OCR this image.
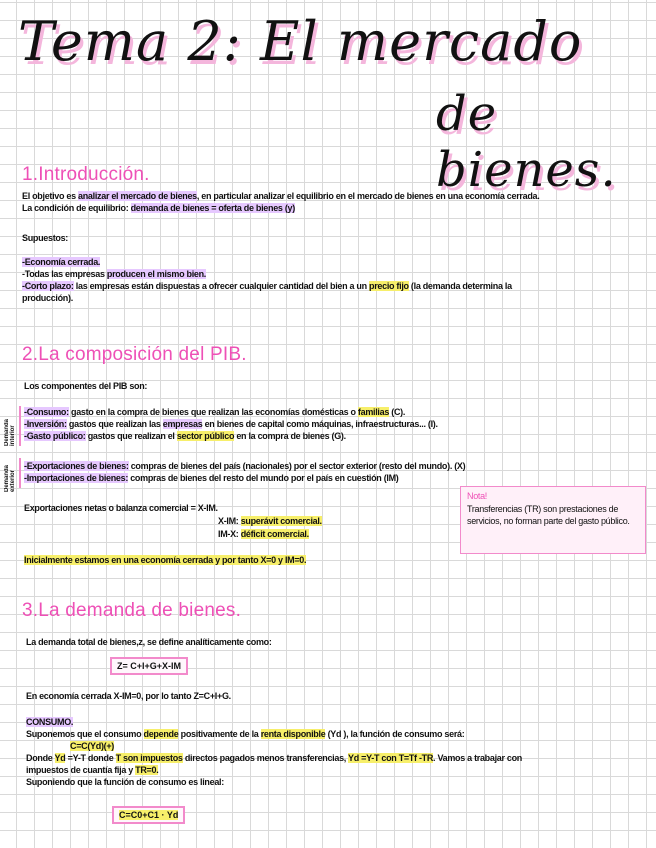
Tema 2: El mercado
de bienes.
1.Introducción.
El objetivo es analizar el mercado de bienes, en particular analizar el equilibrio en el mercado de bienes en una economía cerrada.
La condición de equilibrio: demanda de bienes = oferta de bienes (y)
Supuestos:
-Economía cerrada.
-Todas las empresas producen el mismo bien.
-Corto plazo: las empresas están dispuestas a ofrecer cualquier cantidad del bien a un precio fijo (la demanda determina la
producción).
2.La composición del PIB.
Los componentes del PIB son:
Demanda interior
-Consumo: gasto en la compra de bienes que realizan las economías domésticas o familias (C).
-Inversión: gastos que realizan las empresas en bienes de capital como máquinas, infraestructuras... (I).
-Gasto público: gastos que realizan el sector público en la compra de bienes (G).
Demanda exterior
-Exportaciones de bienes: compras de bienes del país (nacionales) por el sector exterior (resto del mundo). (X)
-Importaciones de bienes: compras de bienes del resto del mundo por el país en cuestión (IM)
Exportaciones netas o balanza comercial = X-IM.
X-IM: superávit comercial.
IM-X: déficit comercial.
Inicialmente estamos en una economía cerrada y por tanto X=0 y IM=0.
Nota!
Transferencias (TR) son prestaciones de servicios, no forman parte del gasto público.
3.La demanda de bienes.
La demanda total de bienes,z, se define analíticamente como:
Z= C+I+G+X-IM
En economía cerrada X-IM=0, por lo tanto Z=C+I+G.
CONSUMO.
Suponemos que el consumo depende positivamente de la renta disponible (Yd ), la función de consumo será:
C=C(Yd)(+)
Donde Yd =Y-T donde T son impuestos directos pagados menos transferencias, Yd =Y-T con T=Tf -TR. Vamos a trabajar con
impuestos de cuantía fija y TR=0.
Suponiendo que la función de consumo es lineal:
C=C0+C1 · Yd
